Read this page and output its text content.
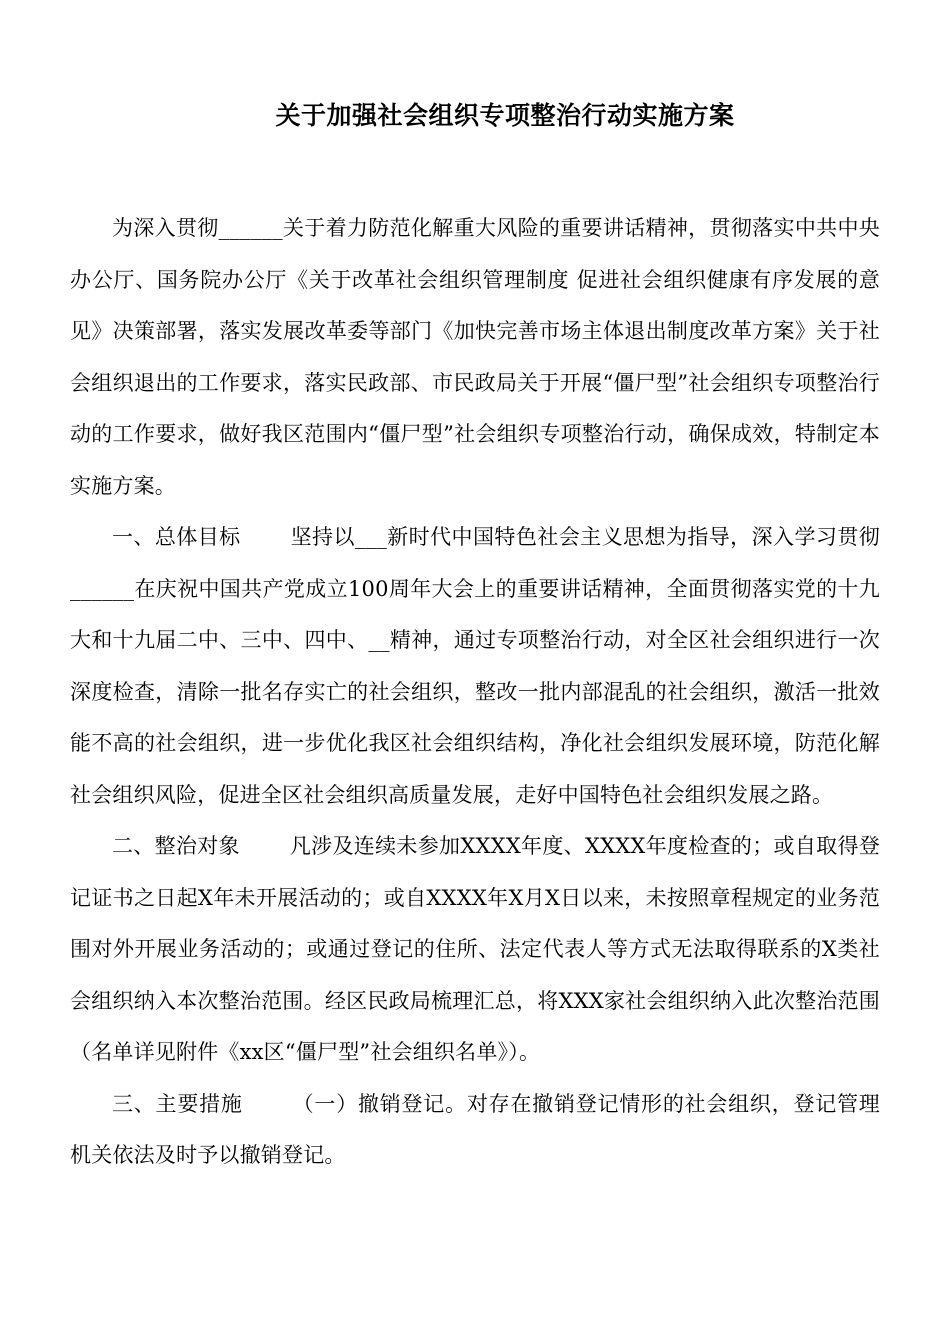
关于加强社会组织专项整治行动实施方案

为深入贯彻______关于着力防范化解重大风险的重要讲话精神，贯彻落实中共中央办公厅、国务院办公厅《关于改革社会组织管理制度 促进社会组织健康有序发展的意见》决策部署，落实发展改革委等部门《加快完善市场主体退出制度改革方案》关于社会组织退出的工作要求，落实民政部、市民政局关于开展“僵尸型”社会组织专项整治行动的工作要求，做好我区范围内“僵尸型”社会组织专项整治行动，确保成效，特制定本实施方案。

一、总体目标 坚持以___新时代中国特色社会主义思想为指导，深入学习贯彻______在庆祝中国共产党成立100周年大会上的重要讲话精神，全面贯彻落实党的十九大和十九届二中、三中、四中、__精神，通过专项整治行动，对全区社会组织进行一次深度检查，清除一批名存实亡的社会组织，整改一批内部混乱的社会组织，激活一批效能不高的社会组织，进一步优化我区社会组织结构，净化社会组织发展环境，防范化解社会组织风险，促进全区社会组织高质量发展，走好中国特色社会组织发展之路。

二、整治对象 凡涉及连续未参加XXXX年度、XXXX年度检查的；或自取得登记证书之日起X年未开展活动的；或自XXXX年X月X日以来，未按照章程规定的业务范围对外开展业务活动的；或通过登记的住所、法定代表人等方式无法取得联系的X类社会组织纳入本次整治范围。经区民政局梳理汇总，将XXX家社会组织纳入此次整治范围（名单详见附件《xx区“僵尸型”社会组织名单》）。

三、主要措施 （一）撤销登记。对存在撤销登记情形的社会组织，登记管理机关依法及时予以撤销登记。
